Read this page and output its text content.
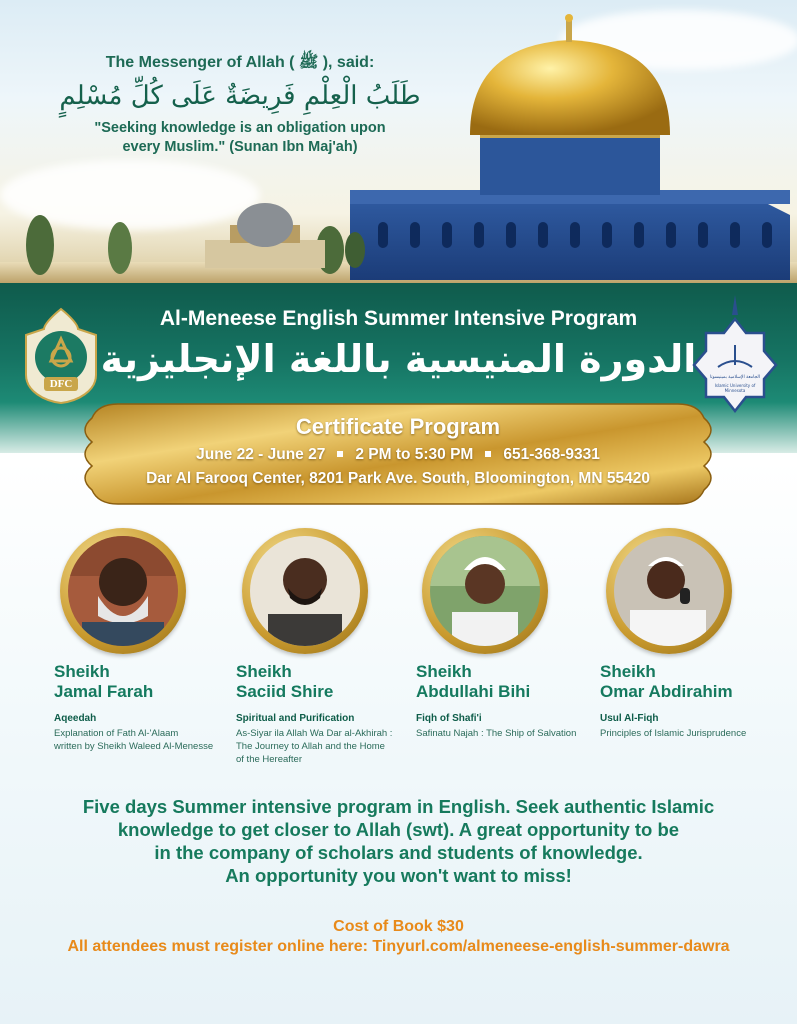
The Messenger of Allah ( ﷺ ), said:
طَلَبُ الْعِلْمِ فَرِيضَةٌ عَلَى كُلِّ مُسْلِمٍ
"Seeking knowledge is an obligation upon
every Muslim." (Sunan Ibn Maj'ah)
Al-Meneese English Summer Intensive Program
الدورة المنيسية باللغة الإنجليزية
DFC
الجامعة الإسلامية بمينيسوتا
Islamic University of Minnesota
Certificate Program
June 22 - June 27 2 PM to 5:30 PM 651-368-9331
Dar Al Farooq Center, 8201 Park Ave. South, Bloomington, MN 55420
Sheikh
Jamal Farah
Aqeedah
Explanation of Fath Al-'Alaam
written by Sheikh Waleed Al-Menesse
Sheikh
Saciid Shire
Spiritual and Purification
As-Siyar ila Allah Wa Dar al-Akhirah :
The Journey to Allah and the Home
of the Hereafter
Sheikh
Abdullahi Bihi
Fiqh of Shafi'i
Safinatu Najah : The Ship of Salvation
Sheikh
Omar Abdirahim
Usul Al-Fiqh
Principles of Islamic Jurisprudence
Five days Summer intensive program in English. Seek authentic Islamic
knowledge to get closer to Allah (swt). A great opportunity to be
in the company of scholars and students of knowledge.
An opportunity you won't want to miss!
Cost of Book $30
All attendees must register online here: Tinyurl.com/almeneese-english-summer-dawra
